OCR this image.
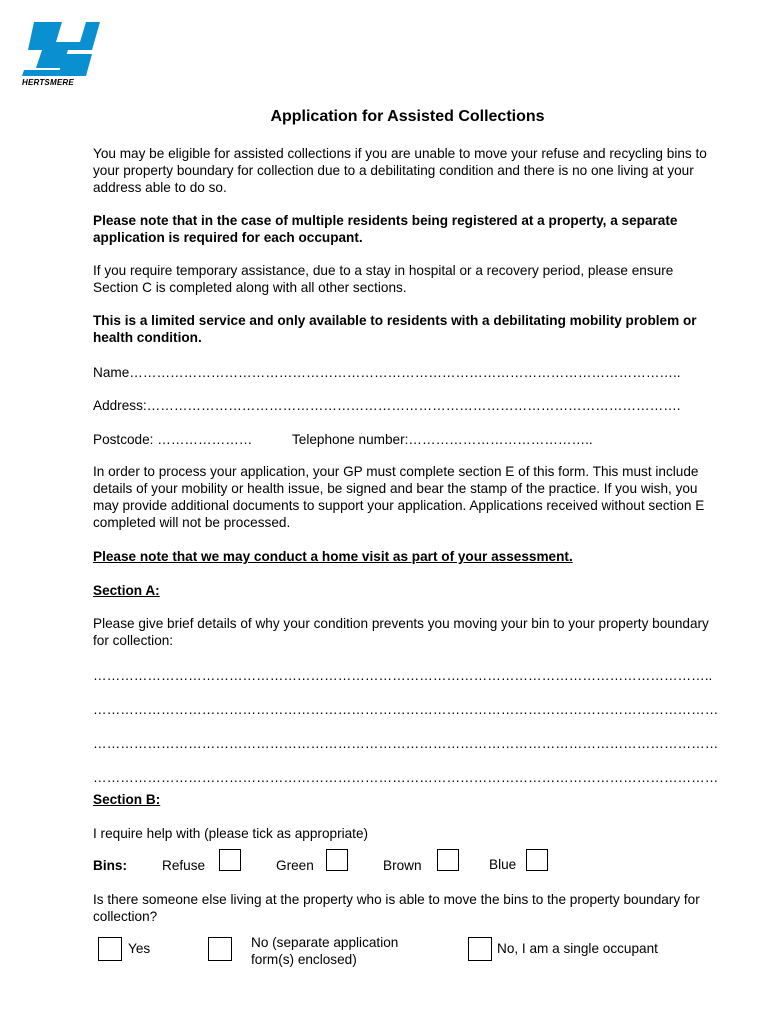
HERTSMERE
Application for Assisted Collections
You may be eligible for assisted collections if you are unable to move your refuse and recycling bins to your property boundary for collection due to a debilitating condition and there is no one living at your address able to do so.
Please note that in the case of multiple residents being registered at a property, a separate application is required for each occupant.
If you require temporary assistance, due to a stay in hospital or a recovery period, please ensure Section C is completed along with all other sections.
This is a limited service and only available to residents with a debilitating mobility problem or health condition.
Name…………………………………………………………………………………………………………..
Address:……………………………………………………………………………………………………….
Postcode: …………………	Telephone number:…………………………………..
In order to process your application, your GP must complete section E of this form. This must include details of your mobility or health issue, be signed and bear the stamp of the practice. If you wish, you may provide additional documents to support your application. Applications received without section E completed will not be processed.
Please note that we may conduct a home visit as part of your assessment.
Section A:
Please give brief details of why your condition prevents you moving your bin to your property boundary for collection:
………………………………………………………………………………………………………………………..
…………………………………………………………………………………………………………………………
…………………………………………………………………………………………………………………………
…………………………………………………………………………………………………………………………
Section B:
I require help with (please tick as appropriate)
Bins:	Refuse	Green	Brown	Blue
Is there someone else living at the property who is able to move the bins to the property boundary for collection?
Yes	No (separate application form(s) enclosed)
No, I am a single occupant
